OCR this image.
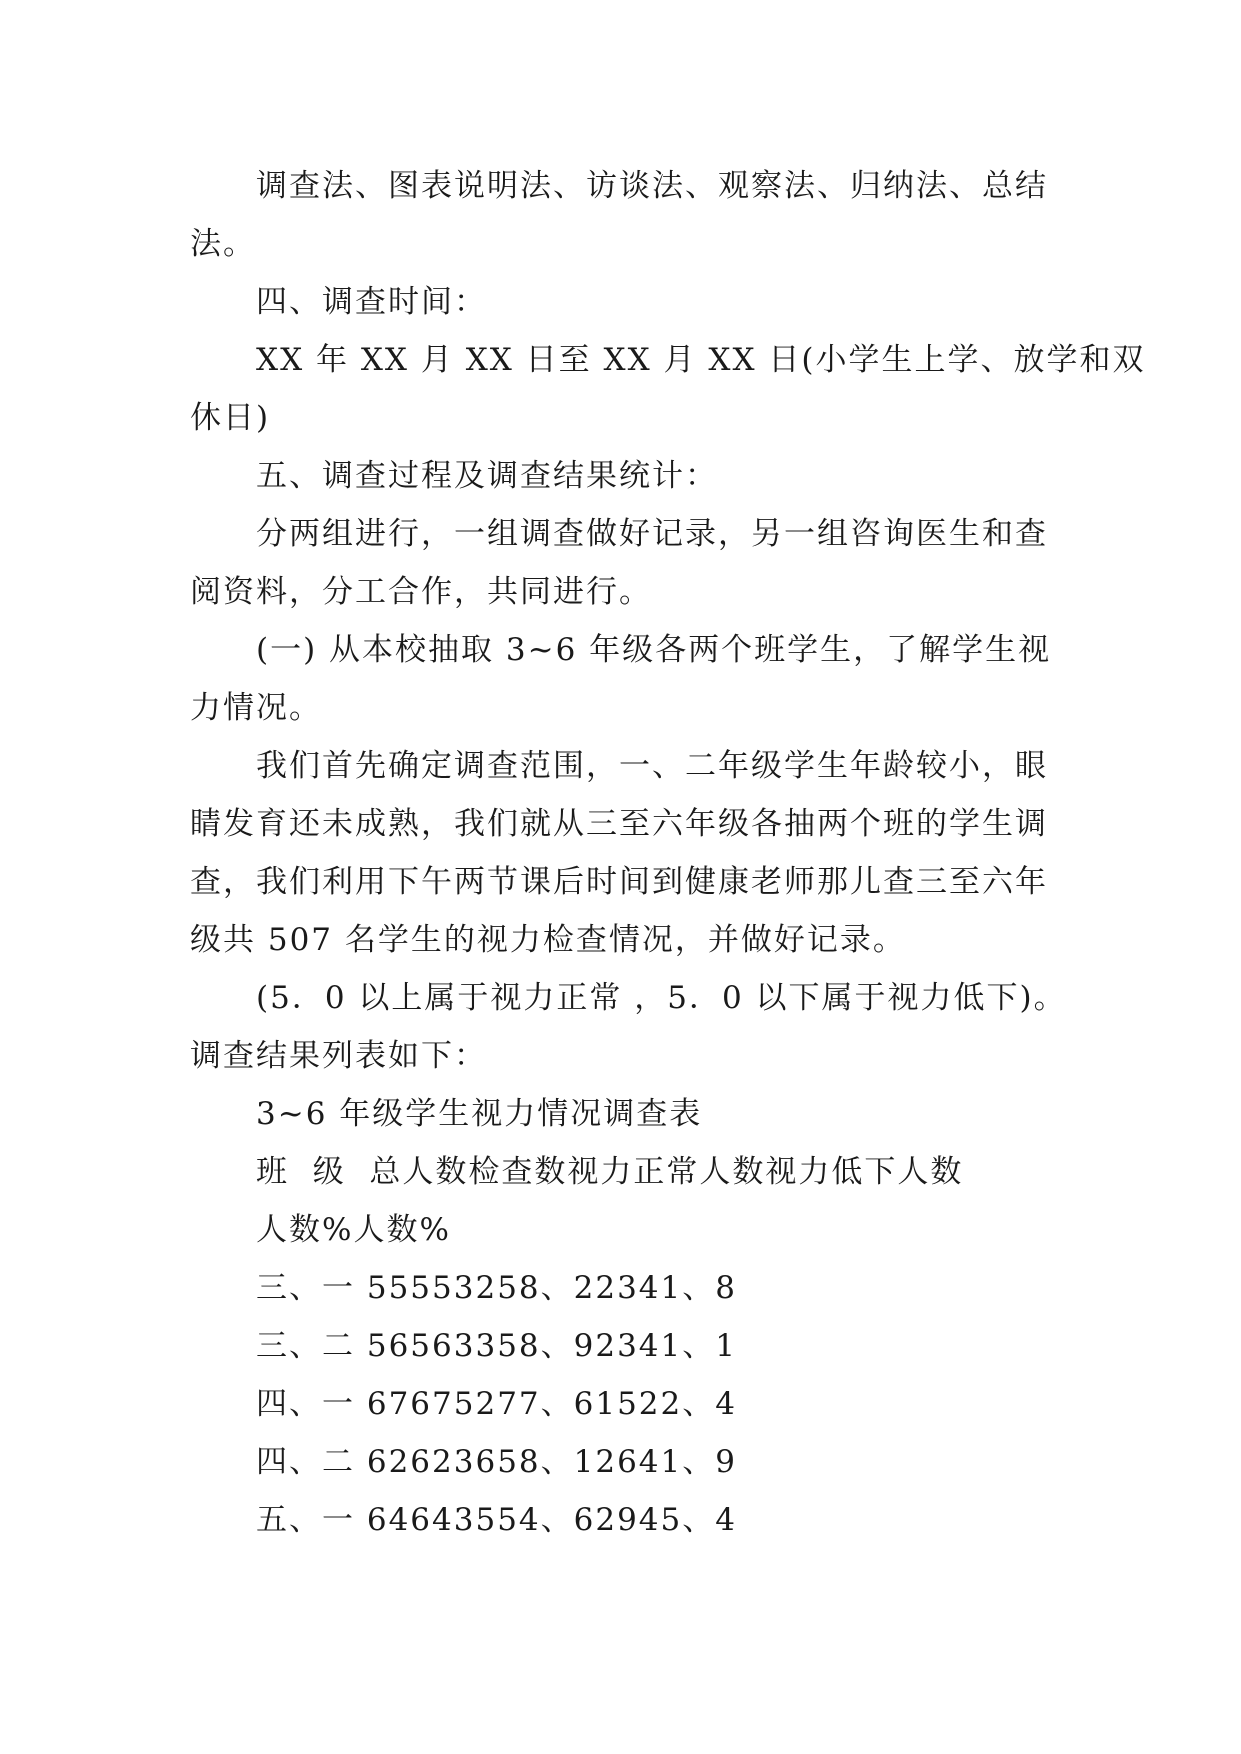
调查法、图表说明法、访谈法、观察法、归纳法、总结
法。
四、调查时间：
XX 年 XX 月 XX 日至 XX 月 XX 日(小学生上学、放学和双
休日)
五、调查过程及调查结果统计：
分两组进行，一组调查做好记录，另一组咨询医生和查
阅资料，分工合作，共同进行。
(一) 从本校抽取 3~6 年级各两个班学生，了解学生视
力情况。
我们首先确定调查范围，一、二年级学生年龄较小，眼
睛发育还未成熟，我们就从三至六年级各抽两个班的学生调
查，我们利用下午两节课后时间到健康老师那儿查三至六年
级共 507 名学生的视力检查情况，并做好记录。
(5．0 以上属于视力正常 ，5．0 以下属于视力低下)。
调查结果列表如下：
3~6 年级学生视力情况调查表
班  级  总人数检查数视力正常人数视力低下人数
人数%人数%
三、一 55553258、22341、8
三、二 56563358、92341、1
四、一 67675277、61522、4
四、二 62623658、12641、9
五、一 64643554、62945、4
